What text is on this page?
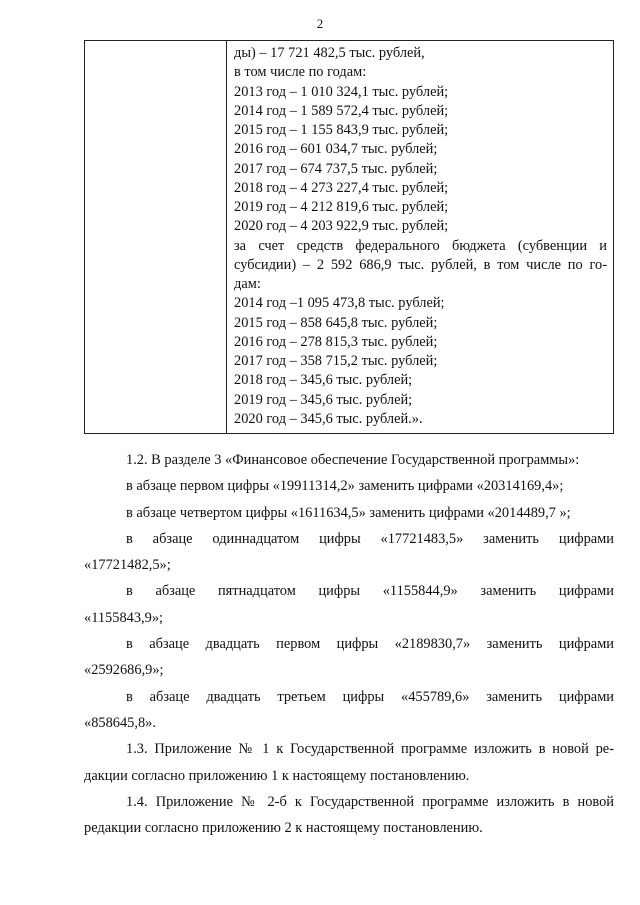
2
ды) – 17 721 482,5 тыс. рублей,
в том числе по годам:
2013 год – 1 010 324,1 тыс. рублей;
2014 год – 1 589 572,4 тыс. рублей;
2015 год – 1 155 843,9 тыс. рублей;
2016 год – 601 034,7 тыс. рублей;
2017 год – 674 737,5 тыс. рублей;
2018 год – 4 273 227,4 тыс. рублей;
2019 год – 4 212 819,6 тыс. рублей;
2020 год – 4 203 922,9 тыс. рублей;
за счет средств федерального бюджета (субвенции и
субсидии) – 2 592 686,9 тыс. рублей, в том числе по го-
дам:
2014 год –1 095 473,8 тыс. рублей;
2015 год – 858 645,8 тыс. рублей;
2016 год – 278 815,3 тыс. рублей;
2017 год – 358 715,2 тыс. рублей;
2018 год – 345,6 тыс. рублей;
2019 год – 345,6 тыс. рублей;
2020 год – 345,6 тыс. рублей.».

1.2. В разделе 3 «Финансовое обеспечение Государственной программы»:

в абзаце первом цифры «19911314,2» заменить цифрами «20314169,4»;

в абзаце четвертом цифры «1611634,5» заменить цифрами «2014489,7 »;

в абзаце одиннадцатом цифры «17721483,5» заменить цифрами
«17721482,5»;
в абзаце пятнадцатом цифры «1155844,9» заменить цифрами
«1155843,9»;
в абзаце двадцать первом цифры «2189830,7» заменить цифрами
«2592686,9»;
в абзаце двадцать третьем цифры «455789,6» заменить цифрами
«858645,8».
1.3. Приложение № 1 к Государственной программе изложить в новой ре-
дакции согласно приложению 1 к настоящему постановлению.
1.4. Приложение № 2-б к Государственной программе изложить в новой
редакции согласно приложению 2 к настоящему постановлению.
